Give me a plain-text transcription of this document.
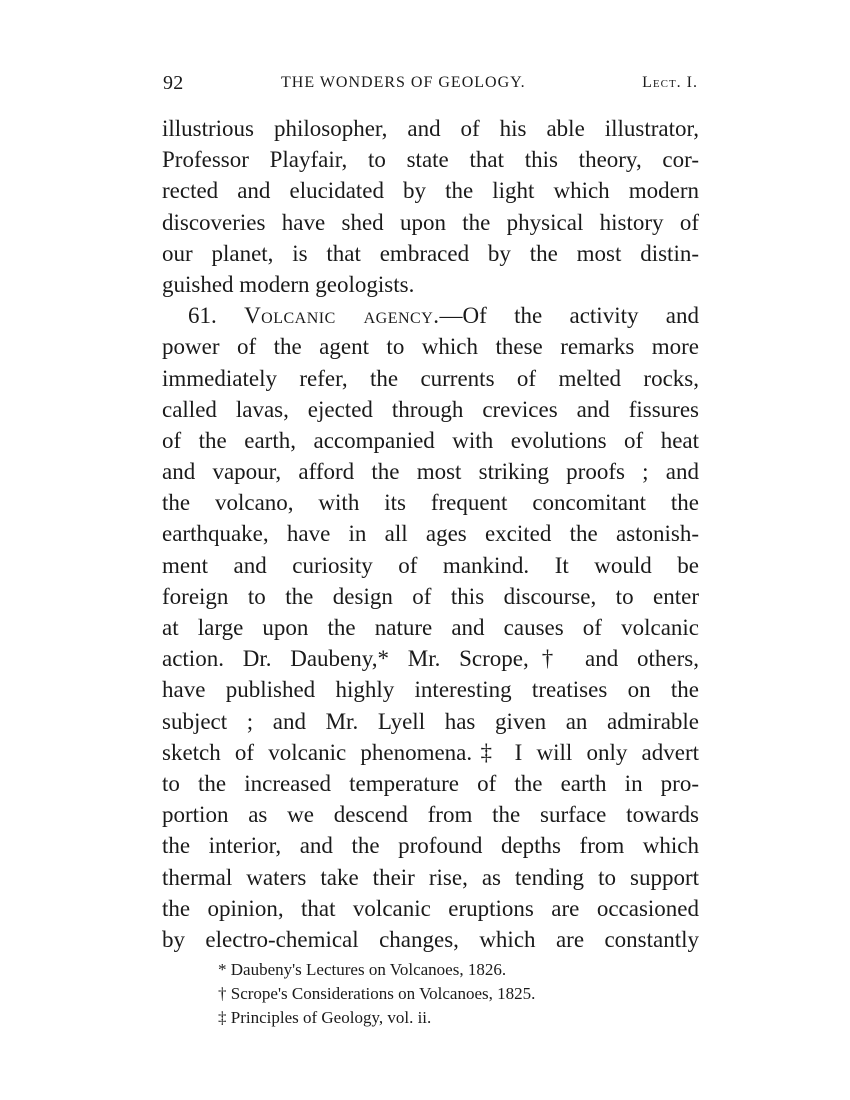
92	THE WONDERS OF GEOLOGY.	Lect. I.
illustrious philosopher, and of his able illustrator,
Professor Playfair, to state that this theory, cor-
rected and elucidated by the light which modern
discoveries have shed upon the physical history of
our planet, is that embraced by the most distin-
guished modern geologists.
61. Volcanic agency.—Of the activity and
power of the agent to which these remarks more
immediately refer, the currents of melted rocks,
called lavas, ejected through crevices and fissures
of the earth, accompanied with evolutions of heat
and vapour, afford the most striking proofs ; and
the volcano, with its frequent concomitant the
earthquake, have in all ages excited the astonish-
ment and curiosity of mankind. It would be
foreign to the design of this discourse, to enter
at large upon the nature and causes of volcanic
action. Dr. Daubeny,* Mr. Scrope,† and others,
have published highly interesting treatises on the
subject ; and Mr. Lyell has given an admirable
sketch of volcanic phenomena.‡ I will only advert
to the increased temperature of the earth in pro-
portion as we descend from the surface towards
the interior, and the profound depths from which
thermal waters take their rise, as tending to support
the opinion, that volcanic eruptions are occasioned
by electro-chemical changes, which are constantly
* Daubeny's Lectures on Volcanoes, 1826.
† Scrope's Considerations on Volcanoes, 1825.
‡ Principles of Geology, vol. ii.
